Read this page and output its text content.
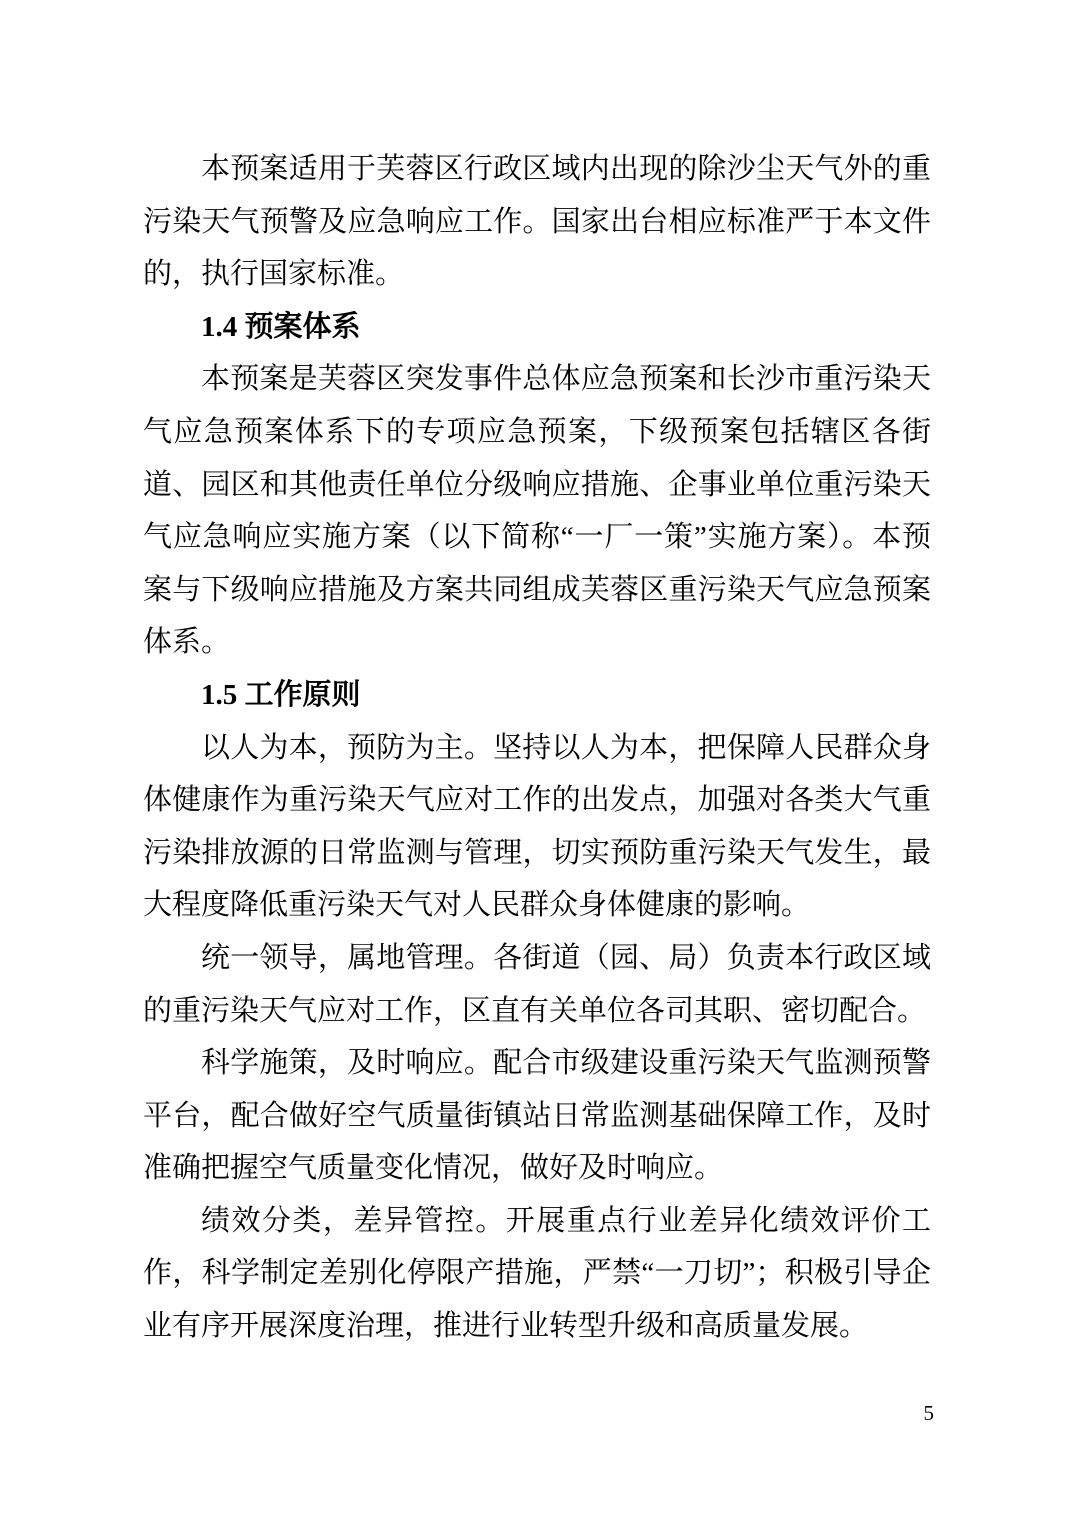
本预案适用于芙蓉区行政区域内出现的除沙尘天气外的重污染天气预警及应急响应工作。国家出台相应标准严于本文件的，执行国家标准。

1.4 预案体系

本预案是芙蓉区突发事件总体应急预案和长沙市重污染天气应急预案体系下的专项应急预案，下级预案包括辖区各街道、园区和其他责任单位分级响应措施、企事业单位重污染天气应急响应实施方案（以下简称“一厂一策”实施方案）。本预案与下级响应措施及方案共同组成芙蓉区重污染天气应急预案体系。

1.5 工作原则

以人为本，预防为主。坚持以人为本，把保障人民群众身体健康作为重污染天气应对工作的出发点，加强对各类大气重污染排放源的日常监测与管理，切实预防重污染天气发生，最大程度降低重污染天气对人民群众身体健康的影响。

统一领导，属地管理。各街道（园、局）负责本行政区域的重污染天气应对工作，区直有关单位各司其职、密切配合。

科学施策，及时响应。配合市级建设重污染天气监测预警平台，配合做好空气质量街镇站日常监测基础保障工作，及时准确把握空气质量变化情况，做好及时响应。

绩效分类，差异管控。开展重点行业差异化绩效评价工作，科学制定差别化停限产措施，严禁“一刀切”；积极引导企业有序开展深度治理，推进行业转型升级和高质量发展。

5
